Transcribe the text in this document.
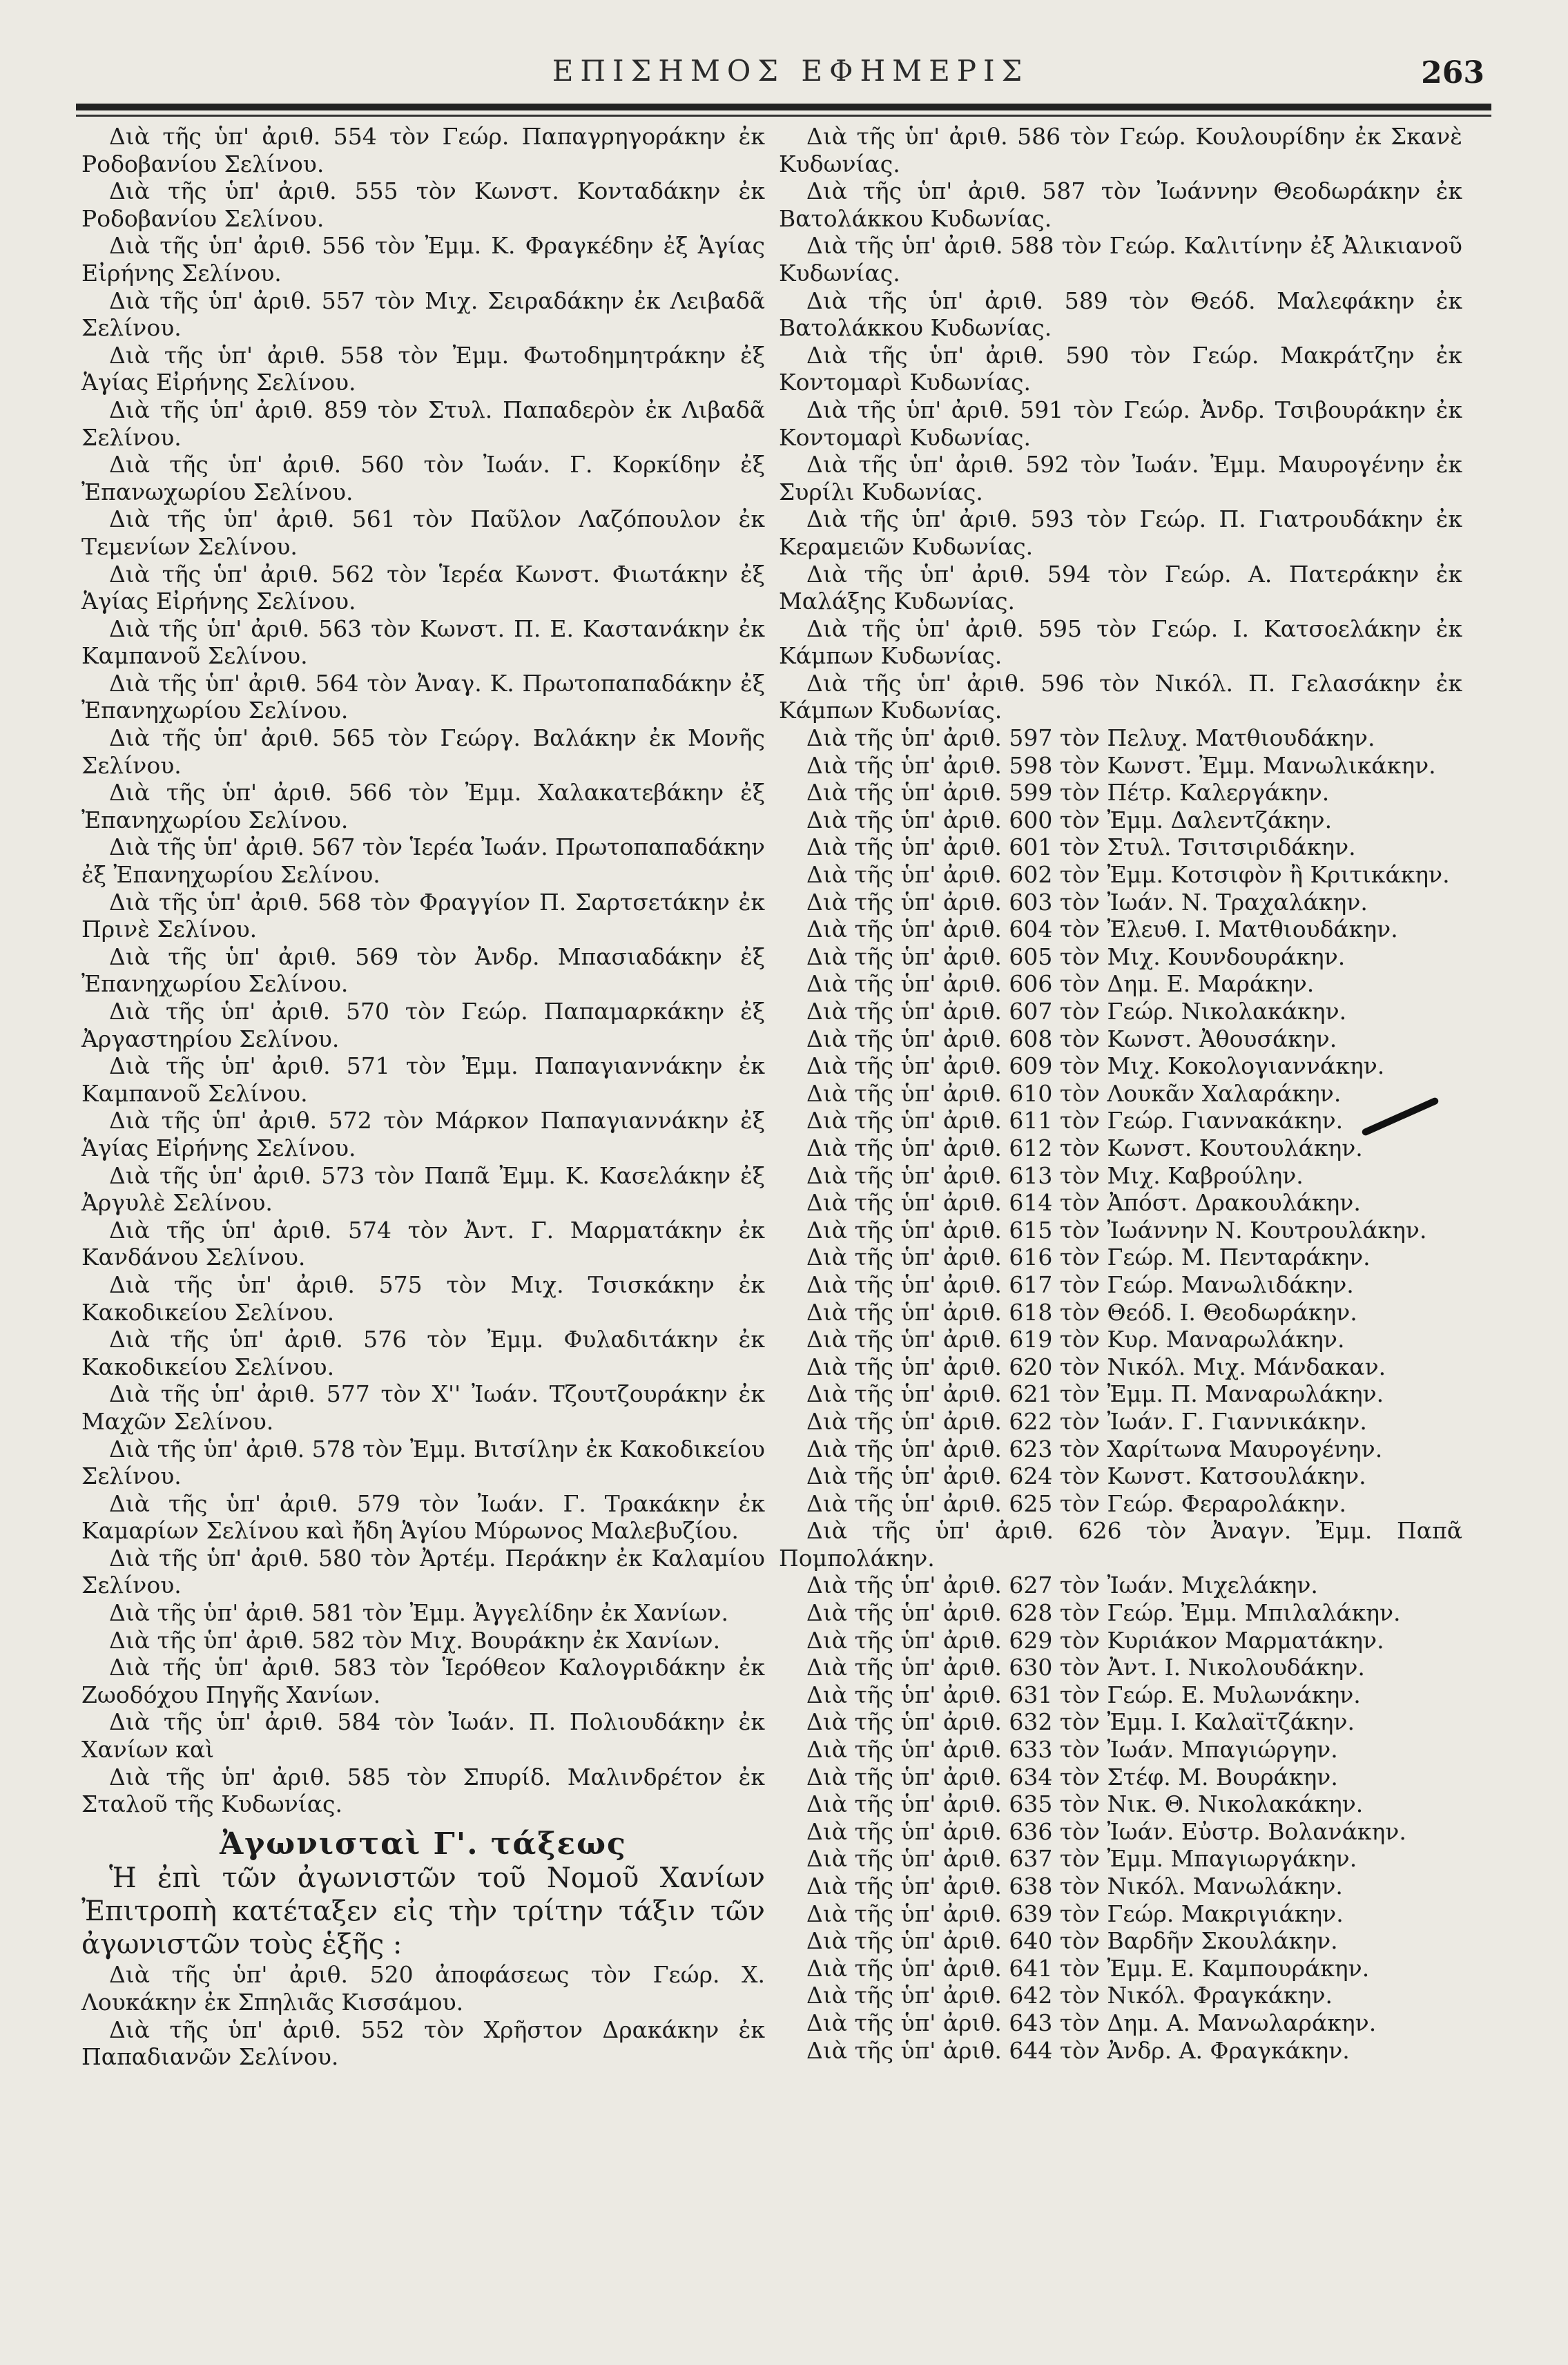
ΕΠΙΣΗΜΟΣ ΕΦΗΜΕΡΙΣ	263

Διὰ τῆς ὑπ' ἀριθ. 554 τὸν Γεώρ. Παπαγρηγοράκην ἐκ Ροδοβανίου Σελίνου.

Διὰ τῆς ὑπ' ἀριθ. 555 τὸν Κωνστ. Κονταδάκην ἐκ Ροδοβανίου Σελίνου.

Διὰ τῆς ὑπ' ἀριθ. 556 τὸν Ἐμμ. Κ. Φραγκέδην ἐξ Ἁγίας Εἰρήνης Σελίνου.

Διὰ τῆς ὑπ' ἀριθ. 557 τὸν Μιχ. Σειραδάκην ἐκ Λειβαδᾶ Σελίνου.

Διὰ τῆς ὑπ' ἀριθ. 558 τὸν Ἐμμ. Φωτοδημητράκην ἐξ Ἁγίας Εἰρήνης Σελίνου.

Διὰ τῆς ὑπ' ἀριθ. 859 τὸν Στυλ. Παπαδερὸν ἐκ Λιβαδᾶ Σελίνου.

Διὰ τῆς ὑπ' ἀριθ. 560 τὸν Ἰωάν. Γ. Κορκίδην ἐξ Ἐπανωχωρίου Σελίνου.

Διὰ τῆς ὑπ' ἀριθ. 561 τὸν Παῦλον Λαζόπουλον ἐκ Τεμενίων Σελίνου.

Διὰ τῆς ὑπ' ἀριθ. 562 τὸν Ἱερέα Κωνστ. Φιωτάκην ἐξ Ἁγίας Εἰρήνης Σελίνου.

Διὰ τῆς ὑπ' ἀριθ. 563 τὸν Κωνστ. Π. Ε. Καστανάκην ἐκ Καμπανοῦ Σελίνου.

Διὰ τῆς ὑπ' ἀριθ. 564 τὸν Ἀναγ. Κ. Πρωτοπαπαδάκην ἐξ Ἐπανηχωρίου Σελίνου.

Διὰ τῆς ὑπ' ἀριθ. 565 τὸν Γεώργ. Βαλάκην ἐκ Μονῆς Σελίνου.

Διὰ τῆς ὑπ' ἀριθ. 566 τὸν Ἐμμ. Χαλακατεβάκην ἐξ Ἐπανηχωρίου Σελίνου.

Διὰ τῆς ὑπ' ἀριθ. 567 τὸν Ἱερέα Ἰωάν. Πρωτοπαπαδάκην ἐξ Ἐπανηχωρίου Σελίνου.

Διὰ τῆς ὑπ' ἀριθ. 568 τὸν Φραγγίον Π. Σαρτσετάκην ἐκ Πρινὲ Σελίνου.

Διὰ τῆς ὑπ' ἀριθ. 569 τὸν Ἀνδρ. Μπασιαδάκην ἐξ Ἐπανηχωρίου Σελίνου.

Διὰ τῆς ὑπ' ἀριθ. 570 τὸν Γεώρ. Παπαμαρκάκην ἐξ Ἀργαστηρίου Σελίνου.

Διὰ τῆς ὑπ' ἀριθ. 571 τὸν Ἐμμ. Παπαγιαννάκην ἐκ Καμπανοῦ Σελίνου.

Διὰ τῆς ὑπ' ἀριθ. 572 τὸν Μάρκον Παπαγιαννάκην ἐξ Ἁγίας Εἰρήνης Σελίνου.

Διὰ τῆς ὑπ' ἀριθ. 573 τὸν Παπᾶ Ἐμμ. Κ. Κασελάκην ἐξ Ἀργυλὲ Σελίνου.

Διὰ τῆς ὑπ' ἀριθ. 574 τὸν Ἀντ. Γ. Μαρματάκην ἐκ Κανδάνου Σελίνου.

Διὰ τῆς ὑπ' ἀριθ. 575 τὸν Μιχ. Τσισκάκην ἐκ Κακοδικείου Σελίνου.

Διὰ τῆς ὑπ' ἀριθ. 576 τὸν Ἐμμ. Φυλαδιτάκην ἐκ Κακοδικείου Σελίνου.

Διὰ τῆς ὑπ' ἀριθ. 577 τὸν Χ'' Ἰωάν. Τζουτζουράκην ἐκ Μαχῶν Σελίνου.

Διὰ τῆς ὑπ' ἀριθ. 578 τὸν Ἐμμ. Βιτσίλην ἐκ Κακοδικείου Σελίνου.

Διὰ τῆς ὑπ' ἀριθ. 579 τὸν Ἰωάν. Γ. Τρακάκην ἐκ Καμαρίων Σελίνου καὶ ἤδη Ἁγίου Μύρωνος Μαλεβυζίου.

Διὰ τῆς ὑπ' ἀριθ. 580 τὸν Ἀρτέμ. Περάκην ἐκ Καλαμίου Σελίνου.

Διὰ τῆς ὑπ' ἀριθ. 581 τὸν Ἐμμ. Ἀγγελίδην ἐκ Χανίων.

Διὰ τῆς ὑπ' ἀριθ. 582 τὸν Μιχ. Βουράκην ἐκ Χανίων.

Διὰ τῆς ὑπ' ἀριθ. 583 τὸν Ἱερόθεον Καλογριδάκην ἐκ Ζωοδόχου Πηγῆς Χανίων.

Διὰ τῆς ὑπ' ἀριθ. 584 τὸν Ἰωάν. Π. Πολιουδάκην ἐκ Χανίων καὶ

Διὰ τῆς ὑπ' ἀριθ. 585 τὸν Σπυρίδ. Μαλινδρέτον ἐκ Σταλοῦ τῆς Κυδωνίας.

Ἀγωνισταὶ Γ'. τάξεως

Ἡ ἐπὶ τῶν ἀγωνιστῶν τοῦ Νομοῦ Χανίων Ἐπιτροπὴ κατέταξεν εἰς τὴν τρίτην τάξιν τῶν ἀγωνιστῶν τοὺς ἑξῆς :

Διὰ τῆς ὑπ' ἀριθ. 520 ἀποφάσεως τὸν Γεώρ. Χ. Λουκάκην ἐκ Σπηλιᾶς Κισσάμου.

Διὰ τῆς ὑπ' ἀριθ. 552 τὸν Χρῆστον Δρακάκην ἐκ Παπαδιανῶν Σελίνου.

Διὰ τῆς ὑπ' ἀριθ. 586 τὸν Γεώρ. Κουλουρίδην ἐκ Σκανὲ Κυδωνίας.

Διὰ τῆς ὑπ' ἀριθ. 587 τὸν Ἰωάννην Θεοδωράκην ἐκ Βατολάκκου Κυδωνίας.

Διὰ τῆς ὑπ' ἀριθ. 588 τὸν Γεώρ. Καλιτίνην ἐξ Ἀλικιανοῦ Κυδωνίας.

Διὰ τῆς ὑπ' ἀριθ. 589 τὸν Θεόδ. Μαλεφάκην ἐκ Βατολάκκου Κυδωνίας.

Διὰ τῆς ὑπ' ἀριθ. 590 τὸν Γεώρ. Μακράτζην ἐκ Κοντομαρὶ Κυδωνίας.

Διὰ τῆς ὑπ' ἀριθ. 591 τὸν Γεώρ. Ἀνδρ. Τσιβουράκην ἐκ Κοντομαρὶ Κυδωνίας.

Διὰ τῆς ὑπ' ἀριθ. 592 τὸν Ἰωάν. Ἐμμ. Μαυρογένην ἐκ Συρίλι Κυδωνίας.

Διὰ τῆς ὑπ' ἀριθ. 593 τὸν Γεώρ. Π. Γιατρουδάκην ἐκ Κεραμειῶν Κυδωνίας.

Διὰ τῆς ὑπ' ἀριθ. 594 τὸν Γεώρ. Α. Πατεράκην ἐκ Μαλάξης Κυδωνίας.

Διὰ τῆς ὑπ' ἀριθ. 595 τὸν Γεώρ. Ι. Κατσοελάκην ἐκ Κάμπων Κυδωνίας.

Διὰ τῆς ὑπ' ἀριθ. 596 τὸν Νικόλ. Π. Γελασάκην ἐκ Κάμπων Κυδωνίας.

Διὰ τῆς ὑπ' ἀριθ. 597 τὸν Πελυχ. Ματθιουδάκην.

Διὰ τῆς ὑπ' ἀριθ. 598 τὸν Κωνστ. Ἐμμ. Μανωλικάκην.

Διὰ τῆς ὑπ' ἀριθ. 599 τὸν Πέτρ. Καλεργάκην.

Διὰ τῆς ὑπ' ἀριθ. 600 τὸν Ἐμμ. Δαλεντζάκην.

Διὰ τῆς ὑπ' ἀριθ. 601 τὸν Στυλ. Τσιτσιριδάκην.

Διὰ τῆς ὑπ' ἀριθ. 602 τὸν Ἐμμ. Κοτσιφὸν ἢ Κριτικάκην.

Διὰ τῆς ὑπ' ἀριθ. 603 τὸν Ἰωάν. Ν. Τραχαλάκην.

Διὰ τῆς ὑπ' ἀριθ. 604 τὸν Ἐλευθ. Ι. Ματθιουδάκην.

Διὰ τῆς ὑπ' ἀριθ. 605 τὸν Μιχ. Κουνδουράκην.

Διὰ τῆς ὑπ' ἀριθ. 606 τὸν Δημ. Ε. Μαράκην.

Διὰ τῆς ὑπ' ἀριθ. 607 τὸν Γεώρ. Νικολακάκην.

Διὰ τῆς ὑπ' ἀριθ. 608 τὸν Κωνστ. Ἀθουσάκην.

Διὰ τῆς ὑπ' ἀριθ. 609 τὸν Μιχ. Κοκολογιαννάκην.

Διὰ τῆς ὑπ' ἀριθ. 610 τὸν Λουκᾶν Χαλαράκην.

Διὰ τῆς ὑπ' ἀριθ. 611 τὸν Γεώρ. Γιαννακάκην.

Διὰ τῆς ὑπ' ἀριθ. 612 τὸν Κωνστ. Κουτουλάκην.

Διὰ τῆς ὑπ' ἀριθ. 613 τὸν Μιχ. Καβρούλην.

Διὰ τῆς ὑπ' ἀριθ. 614 τὸν Ἀπόστ. Δρακουλάκην.

Διὰ τῆς ὑπ' ἀριθ. 615 τὸν Ἰωάννην Ν. Κουτρουλάκην.

Διὰ τῆς ὑπ' ἀριθ. 616 τὸν Γεώρ. Μ. Πενταράκην.

Διὰ τῆς ὑπ' ἀριθ. 617 τὸν Γεώρ. Μανωλιδάκην.

Διὰ τῆς ὑπ' ἀριθ. 618 τὸν Θεόδ. Ι. Θεοδωράκην.

Διὰ τῆς ὑπ' ἀριθ. 619 τὸν Κυρ. Μαναρωλάκην.

Διὰ τῆς ὑπ' ἀριθ. 620 τὸν Νικόλ. Μιχ. Μάνδακαν.

Διὰ τῆς ὑπ' ἀριθ. 621 τὸν Ἐμμ. Π. Μαναρωλάκην.

Διὰ τῆς ὑπ' ἀριθ. 622 τὸν Ἰωάν. Γ. Γιαννικάκην.

Διὰ τῆς ὑπ' ἀριθ. 623 τὸν Χαρίτωνα Μαυρογένην.

Διὰ τῆς ὑπ' ἀριθ. 624 τὸν Κωνστ. Κατσουλάκην.

Διὰ τῆς ὑπ' ἀριθ. 625 τὸν Γεώρ. Φεραρολάκην.

Διὰ τῆς ὑπ' ἀριθ. 626 τὸν Ἀναγν. Ἐμμ. Παπᾶ Πομπολάκην.

Διὰ τῆς ὑπ' ἀριθ. 627 τὸν Ἰωάν. Μιχελάκην.

Διὰ τῆς ὑπ' ἀριθ. 628 τὸν Γεώρ. Ἐμμ. Μπιλαλάκην.

Διὰ τῆς ὑπ' ἀριθ. 629 τὸν Κυριάκον Μαρματάκην.

Διὰ τῆς ὑπ' ἀριθ. 630 τὸν Ἀντ. Ι. Νικολουδάκην.

Διὰ τῆς ὑπ' ἀριθ. 631 τὸν Γεώρ. Ε. Μυλωνάκην.

Διὰ τῆς ὑπ' ἀριθ. 632 τὸν Ἐμμ. Ι. Καλαϊτζάκην.

Διὰ τῆς ὑπ' ἀριθ. 633 τὸν Ἰωάν. Μπαγιώργην.

Διὰ τῆς ὑπ' ἀριθ. 634 τὸν Στέφ. Μ. Βουράκην.

Διὰ τῆς ὑπ' ἀριθ. 635 τὸν Νικ. Θ. Νικολακάκην.

Διὰ τῆς ὑπ' ἀριθ. 636 τὸν Ἰωάν. Εὐστρ. Βολανάκην.

Διὰ τῆς ὑπ' ἀριθ. 637 τὸν Ἐμμ. Μπαγιωργάκην.

Διὰ τῆς ὑπ' ἀριθ. 638 τὸν Νικόλ. Μανωλάκην.

Διὰ τῆς ὑπ' ἀριθ. 639 τὸν Γεώρ. Μακριγιάκην.

Διὰ τῆς ὑπ' ἀριθ. 640 τὸν Βαρδῆν Σκουλάκην.

Διὰ τῆς ὑπ' ἀριθ. 641 τὸν Ἐμμ. Ε. Καμπουράκην.

Διὰ τῆς ὑπ' ἀριθ. 642 τὸν Νικόλ. Φραγκάκην.

Διὰ τῆς ὑπ' ἀριθ. 643 τὸν Δημ. Α. Μανωλαράκην.

Διὰ τῆς ὑπ' ἀριθ. 644 τὸν Ἀνδρ. Α. Φραγκάκην.
